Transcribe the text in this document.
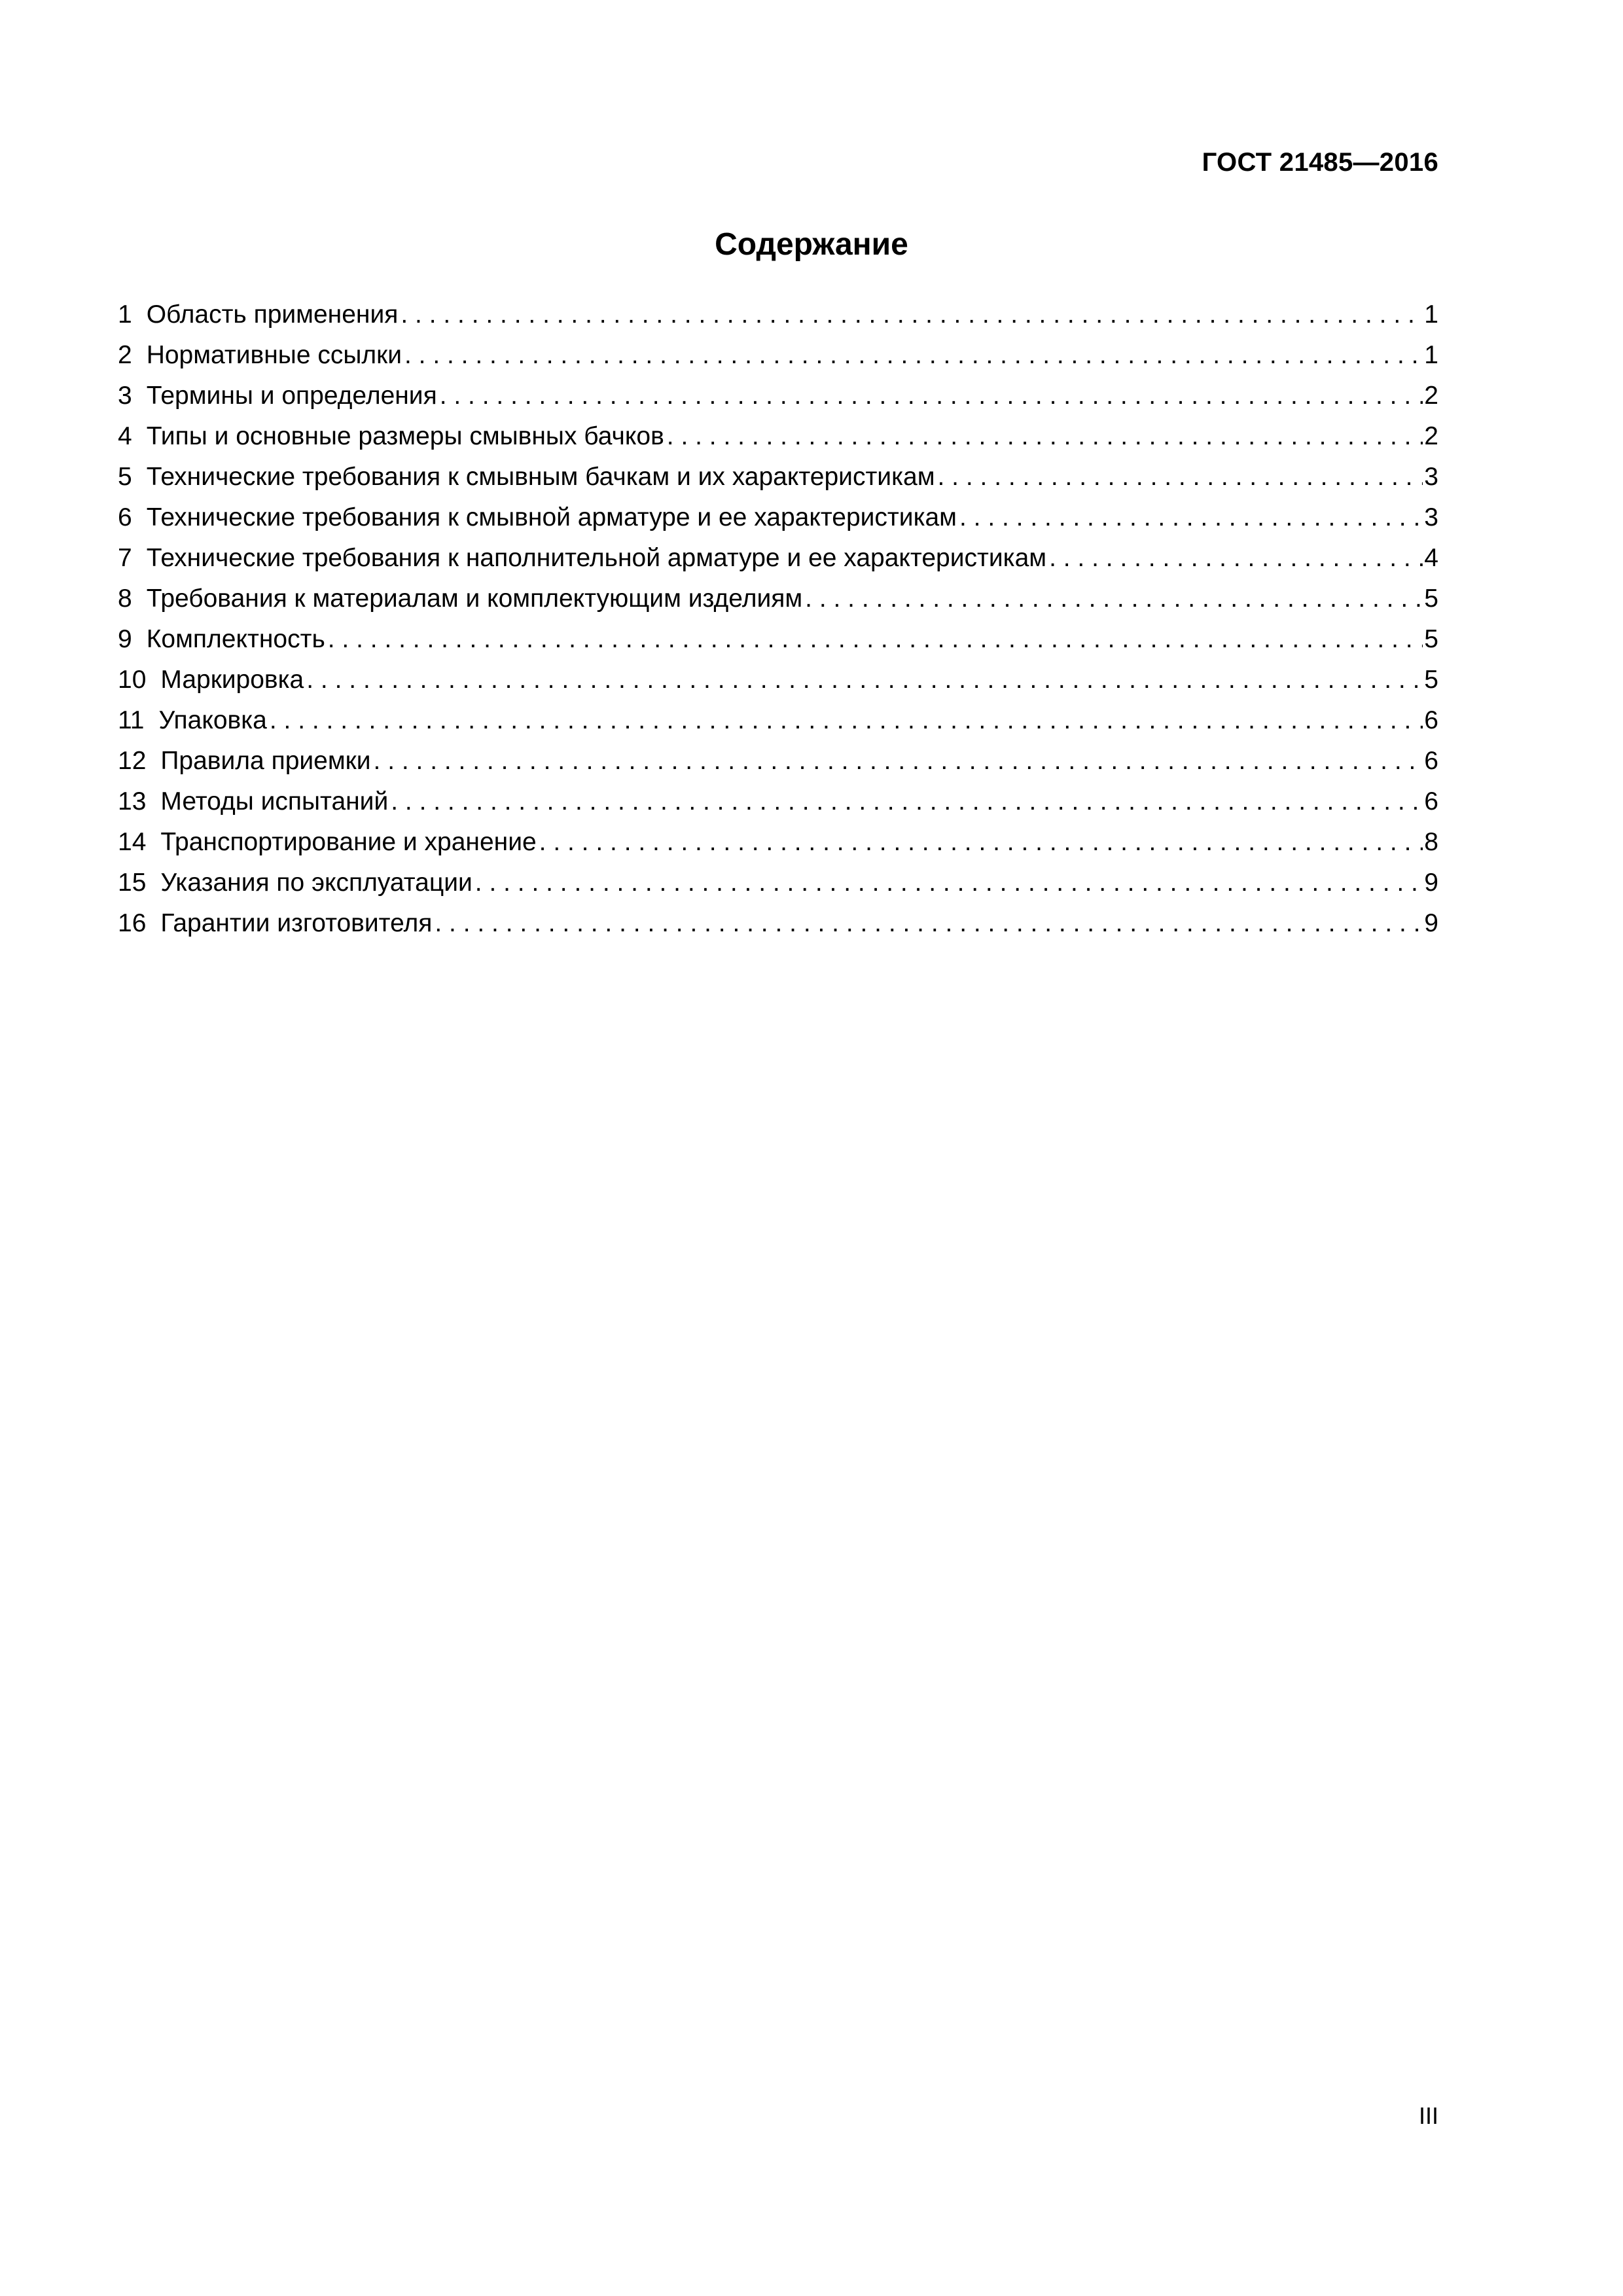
ГОСТ 21485—2016
Содержание
1 Область применения . . .	1
2 Нормативные ссылки . . .	1
3 Термины и определения . . .	2
4 Типы и основные размеры смывных бачков . . .	2
5 Технические требования к смывным бачкам и их характеристикам . . .	3
6 Технические требования к смывной арматуре и ее характеристикам . . .	3
7 Технические требования к наполнительной арматуре и ее характеристикам . . .	4
8 Требования к материалам и комплектующим изделиям . . .	5
9 Комплектность . . .	5
10 Маркировка . . .	5
11 Упаковка . . .	6
12 Правила приемки . . .	6
13 Методы испытаний . . .	6
14 Транспортирование и хранение . . .	8
15 Указания по эксплуатации . . .	9
16 Гарантии изготовителя . . .	9
III
